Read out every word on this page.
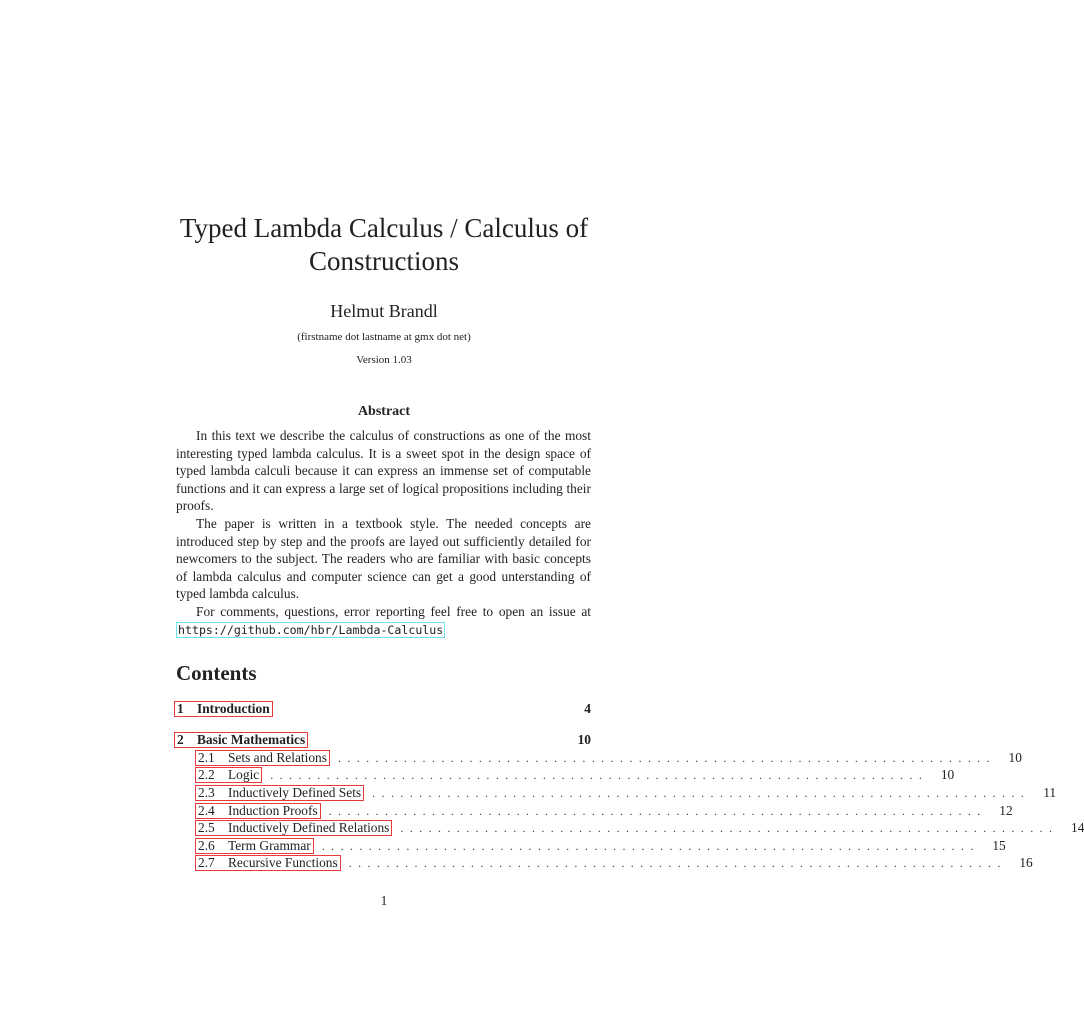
Typed Lambda Calculus / Calculus of Constructions
Helmut Brandl
(firstname dot lastname at gmx dot net)
Version 1.03
Abstract

In this text we describe the calculus of constructions as one of the most interesting typed lambda calculus. It is a sweet spot in the design space of typed lambda calculi because it can express an immense set of computable functions and it can express a large set of logical propositions including their proofs.

The paper is written in a textbook style. The needed concepts are introduced step by step and the proofs are layed out sufficiently detailed for newcomers to the subject. The readers who are familiar with basic concepts of lambda calculus and computer science can get a good unterstanding of typed lambda calculus.

For comments, questions, error reporting feel free to open an issue at https://github.com/hbr/Lambda-Calculus

Contents
1 Introduction	4
2 Basic Mathematics	10
2.1 Sets and Relations ...................................................................... 10
2.2 Logic ...................................................................... 10
2.3 Inductively Defined Sets ...................................................................... 11
2.4 Induction Proofs ...................................................................... 12
2.5 Inductively Defined Relations ...................................................................... 14
2.6 Term Grammar ...................................................................... 15
2.7 Recursive Functions ...................................................................... 16
1
